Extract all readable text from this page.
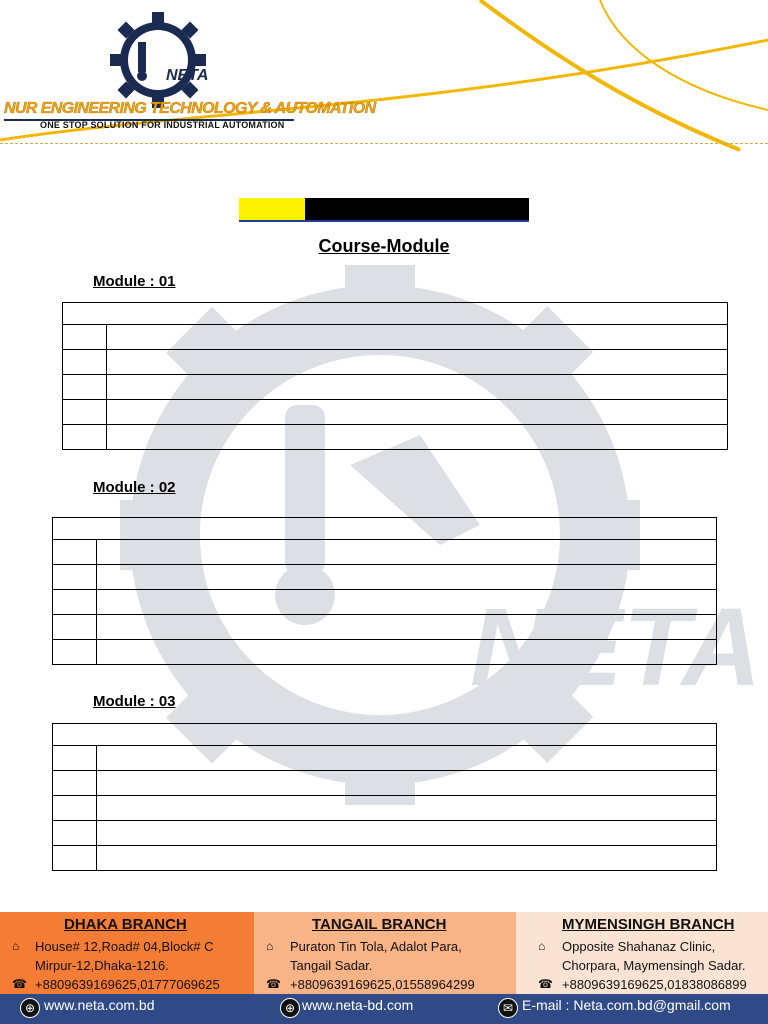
NETA
NUR ENGINEERING TECHNOLOGY & AUTOMATION
ONE STOP SOLUTION FOR INDUSTRIAL AUTOMATION
NETA
Course-Module
Module : 01

Module : 02

Module : 03

DHAKA BRANCH
⌂ House# 12,Road# 04,Block# C
Mirpur-12,Dhaka-1216.
☎ +8809639169625,01777069625
TANGAIL BRANCH
⌂ Puraton Tin Tola, Adalot Para,
Tangail Sadar.
☎ +8809639169625,01558964299
MYMENSINGH BRANCH
⌂ Opposite Shahanaz Clinic,
Chorpara, Maymensingh Sadar.
☎ +8809639169625,01838086899
⊕ www.neta.com.bd	⊕ www.neta-bd.com	✉ E-mail : Neta.com.bd@gmail.com
